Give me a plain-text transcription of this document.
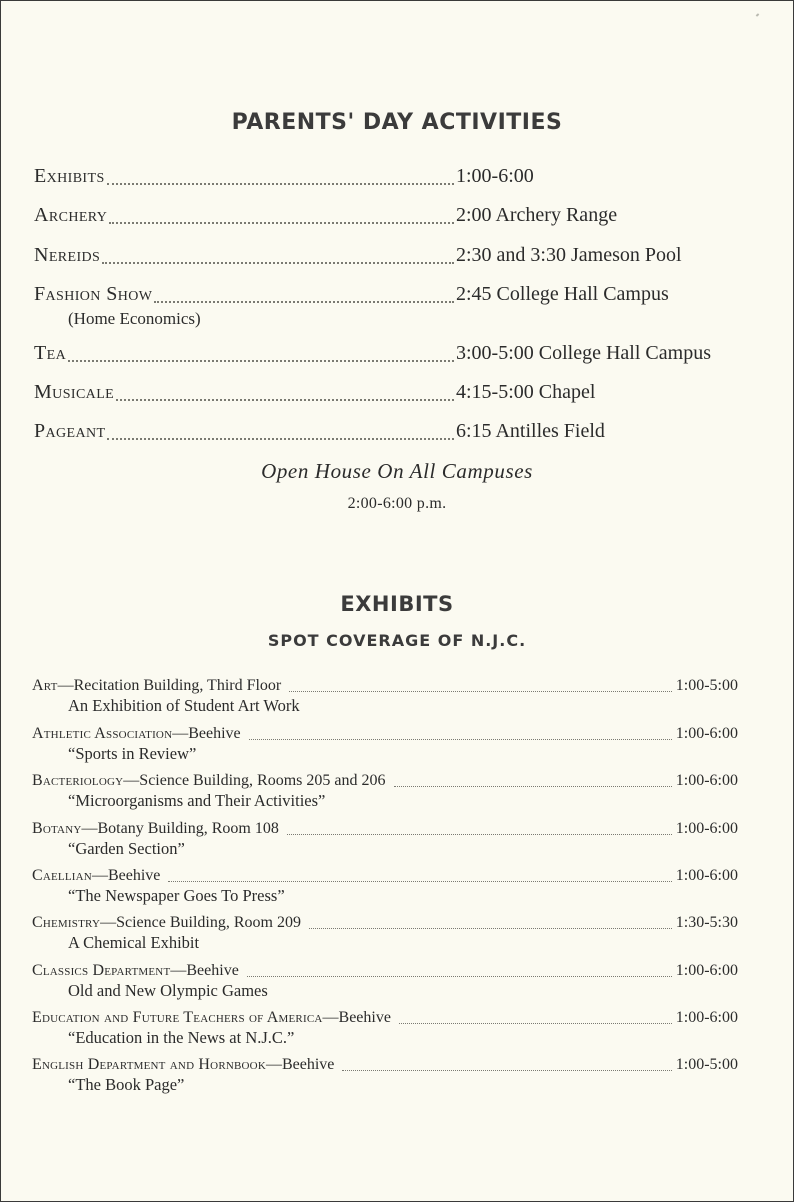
PARENTS' DAY ACTIVITIES
Exhibits	1:00-6:00
Archery	2:00 Archery Range
Nereids	2:30 and 3:30 Jameson Pool
Fashion Show	2:45 College Hall Campus
(Home Economics)
Tea	3:00-5:00 College Hall Campus
Musicale	4:15-5:00 Chapel
Pageant	6:15 Antilles Field
Open House On All Campuses
2:00-6:00 p.m.
EXHIBITS
SPOT COVERAGE OF N.J.C.
Art—Recitation Building, Third Floor	1:00-5:00
An Exhibition of Student Art Work
Athletic Association—Beehive	1:00-6:00
“Sports in Review”
Bacteriology—Science Building, Rooms 205 and 206	1:00-6:00
“Microorganisms and Their Activities”
Botany—Botany Building, Room 108	1:00-6:00
“Garden Section”
Caellian—Beehive	1:00-6:00
“The Newspaper Goes To Press”
Chemistry—Science Building, Room 209	1:30-5:30
A Chemical Exhibit
Classics Department—Beehive	1:00-6:00
Old and New Olympic Games
Education and Future Teachers of America—Beehive	1:00-6:00
“Education in the News at N.J.C.”
English Department and Hornbook—Beehive	1:00-5:00
“The Book Page”
